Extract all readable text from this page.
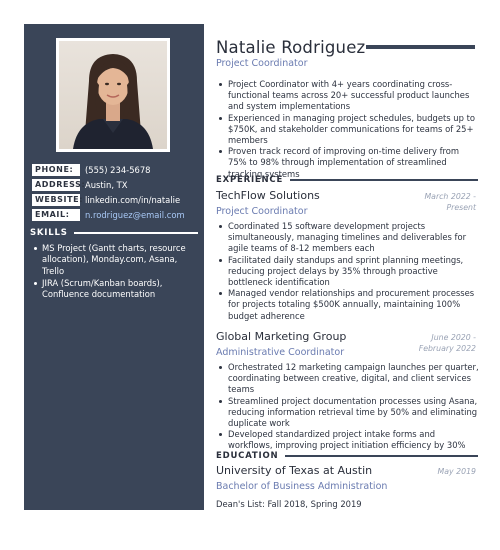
PHONE:	(555) 234-5678
ADDRESS: Austin, TX
WEBSITE: linkedin.com/in/natalie
EMAIL:	n.rodriguez@email.com
SKILLS
MS Project (Gantt charts, resource allocation), Monday.com, Asana, Trello
JIRA (Scrum/Kanban boards), Confluence documentation
Natalie Rodriguez
Project Coordinator
Project Coordinator with 4+ years coordinating cross-functional teams across 20+ successful product launches and system implementations
Experienced in managing project schedules, budgets up to $750K, and stakeholder communications for teams of 25+ members
Proven track record of improving on-time delivery from 75% to 98% through implementation of streamlined tracking systems
EXPERIENCE
TechFlow Solutions	March 2022 -
Present
Project Coordinator
Coordinated 15 software development projects simultaneously, managing timelines and deliverables for agile teams of 8-12 members each
Facilitated daily standups and sprint planning meetings, reducing project delays by 35% through proactive bottleneck identification
Managed vendor relationships and procurement processes for projects totaling $500K annually, maintaining 100% budget adherence
Global Marketing Group	June 2020 -
February 2022
Administrative Coordinator
Orchestrated 12 marketing campaign launches per quarter, coordinating between creative, digital, and client services teams
Streamlined project documentation processes using Asana, reducing information retrieval time by 50% and eliminating duplicate work
Developed standardized project intake forms and workflows, improving project initiation efficiency by 30%
EDUCATION
University of Texas at Austin	May 2019
Bachelor of Business Administration
Dean's List: Fall 2018, Spring 2019
